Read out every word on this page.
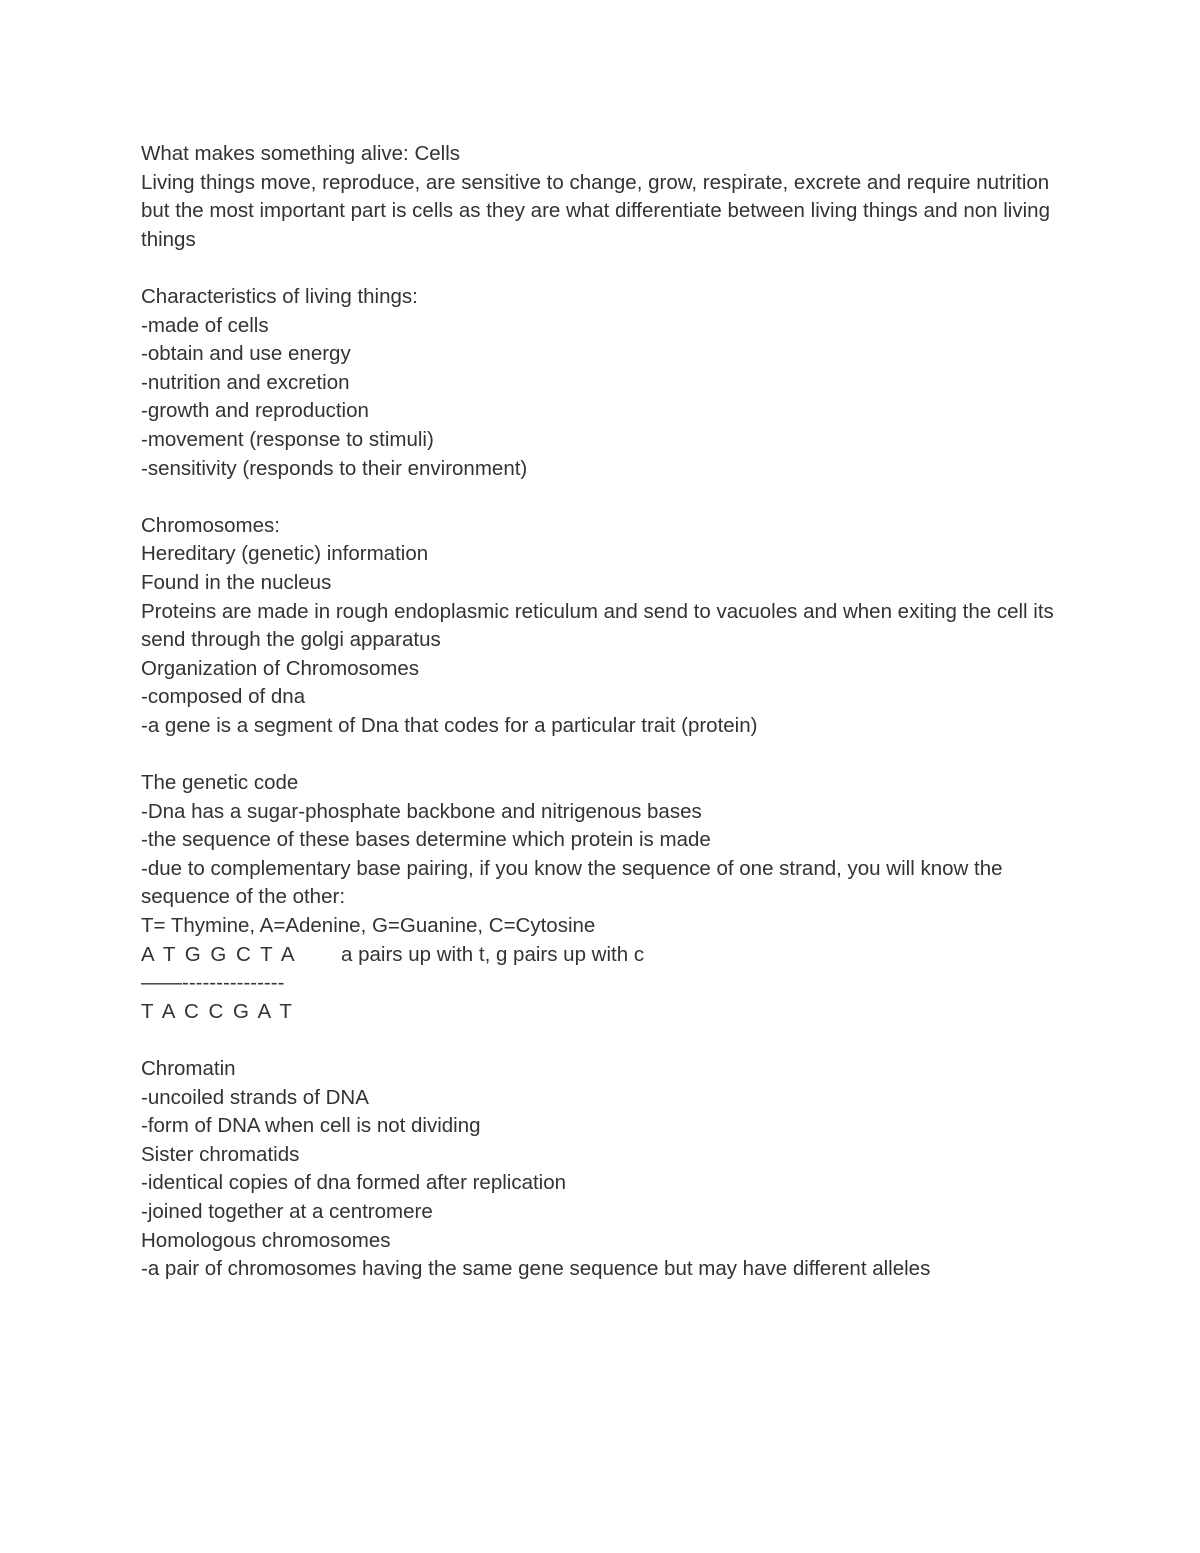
What makes something alive: Cells

Living things move, reproduce, are sensitive to change, grow, respirate, excrete and require nutrition but the most important part is cells as they are what differentiate between living things and non living things

Characteristics of living things:

-made of cells

-obtain and use energy

-nutrition and excretion

-growth and reproduction

-movement (response to stimuli)

-sensitivity (responds to their environment)

Chromosomes:

Hereditary (genetic) information

Found in the nucleus

Proteins are made in rough endoplasmic reticulum and send to vacuoles and when exiting the cell its send through the golgi apparatus

Organization of Chromosomes

-composed of dna

-a gene is a segment of Dna that codes for a particular trait (protein)

The genetic code

-Dna has a sugar-phosphate backbone and nitrigenous bases

-the sequence of these bases determine which protein is made

-due to complementary base pairing, if you know the sequence of one strand, you will know the sequence of the other:

T= Thymine, A=Adenine, G=Guanine, C=Cytosine

A T G G C T A	a pairs up with t, g pairs up with c

——---------------

T A C C G A T

Chromatin

-uncoiled strands of DNA

-form of DNA when cell is not dividing

Sister chromatids

-identical copies of dna formed after replication

-joined together at a centromere

Homologous chromosomes

-a pair of chromosomes having the same gene sequence but may have different alleles
